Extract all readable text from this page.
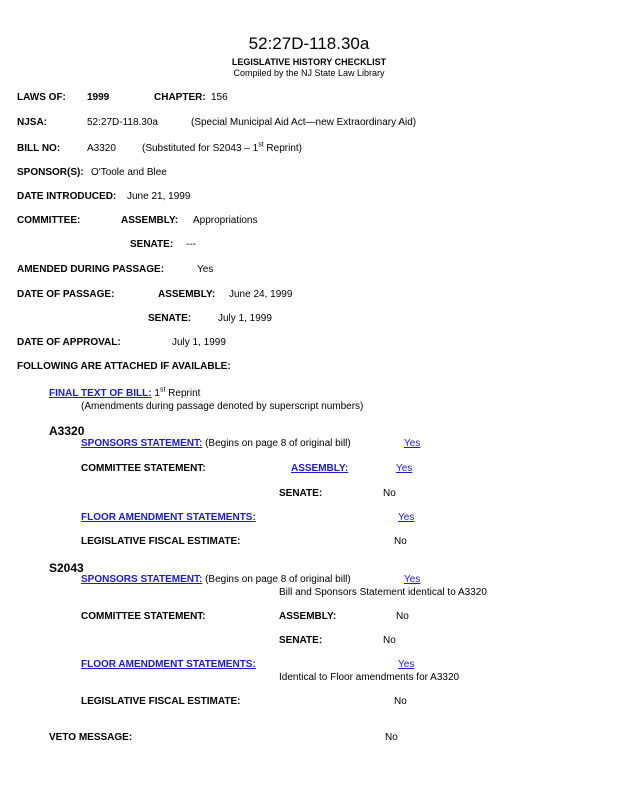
52:27D-118.30a
LEGISLATIVE HISTORY CHECKLIST
Compiled by the NJ State Law Library
LAWS OF: 1999	CHAPTER: 156
NJSA:	52:27D-118.30a	(Special Municipal Aid Act—new Extraordinary Aid)
BILL NO:	A3320	(Substituted for S2043 – 1st Reprint)
SPONSOR(S): O'Toole and Blee
DATE INTRODUCED: June 21, 1999
COMMITTEE:	ASSEMBLY: Appropriations
SENATE: ---
AMENDED DURING PASSAGE:	Yes
DATE OF PASSAGE:	ASSEMBLY: June 24, 1999
SENATE:	July 1, 1999
DATE OF APPROVAL:	July 1, 1999
FOLLOWING ARE ATTACHED IF AVAILABLE:
FINAL TEXT OF BILL: 1st Reprint
(Amendments during passage denoted by superscript numbers)
A3320
SPONSORS STATEMENT: (Begins on page 8 of original bill)	Yes
COMMITTEE STATEMENT:	ASSEMBLY:	Yes
SENATE:	No
FLOOR AMENDMENT STATEMENTS:	Yes
LEGISLATIVE FISCAL ESTIMATE:	No
S2043
SPONSORS STATEMENT: (Begins on page 8 of original bill)	Yes
Bill and Sponsors Statement identical to A3320
COMMITTEE STATEMENT:	ASSEMBLY:	No
SENATE:	No
FLOOR AMENDMENT STATEMENTS:	Yes
Identical to Floor amendments for A3320
LEGISLATIVE FISCAL ESTIMATE:	No
VETO MESSAGE:	No
